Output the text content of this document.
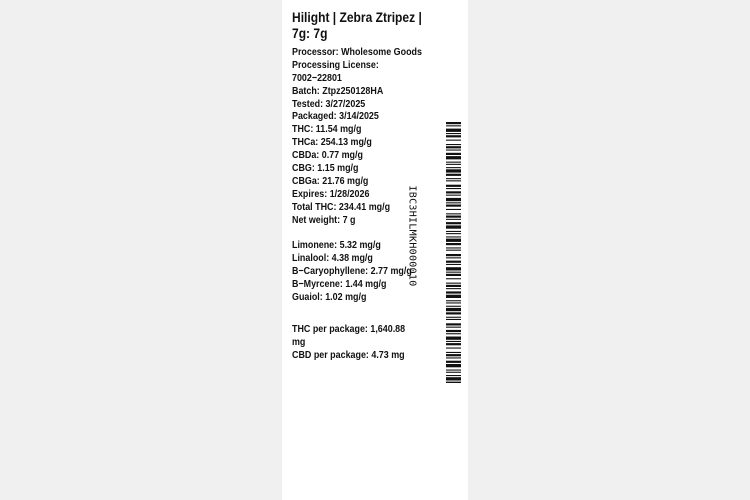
Hilight | Zebra Ztripez | 7g: 7g
Processor: Wholesome Goods
Processing License:
7002−22801
Batch: Ztpz250128HA
Tested: 3/27/2025
Packaged: 3/14/2025
THC: 11.54 mg/g
THCa: 254.13 mg/g
CBDa: 0.77 mg/g
CBG: 1.15 mg/g
CBGa: 21.76 mg/g
Expires: 1/28/2026
Total THC: 234.41 mg/g
Net weight: 7 g
Limonene: 5.32 mg/g
Linalool: 4.38 mg/g
B−Caryophyllene: 2.77 mg/g
B−Myrcene: 1.44 mg/g
Guaiol: 1.02 mg/g
THC per package: 1,640.88 mg
CBD per package: 4.73 mg
IBC3HILMKH000010
